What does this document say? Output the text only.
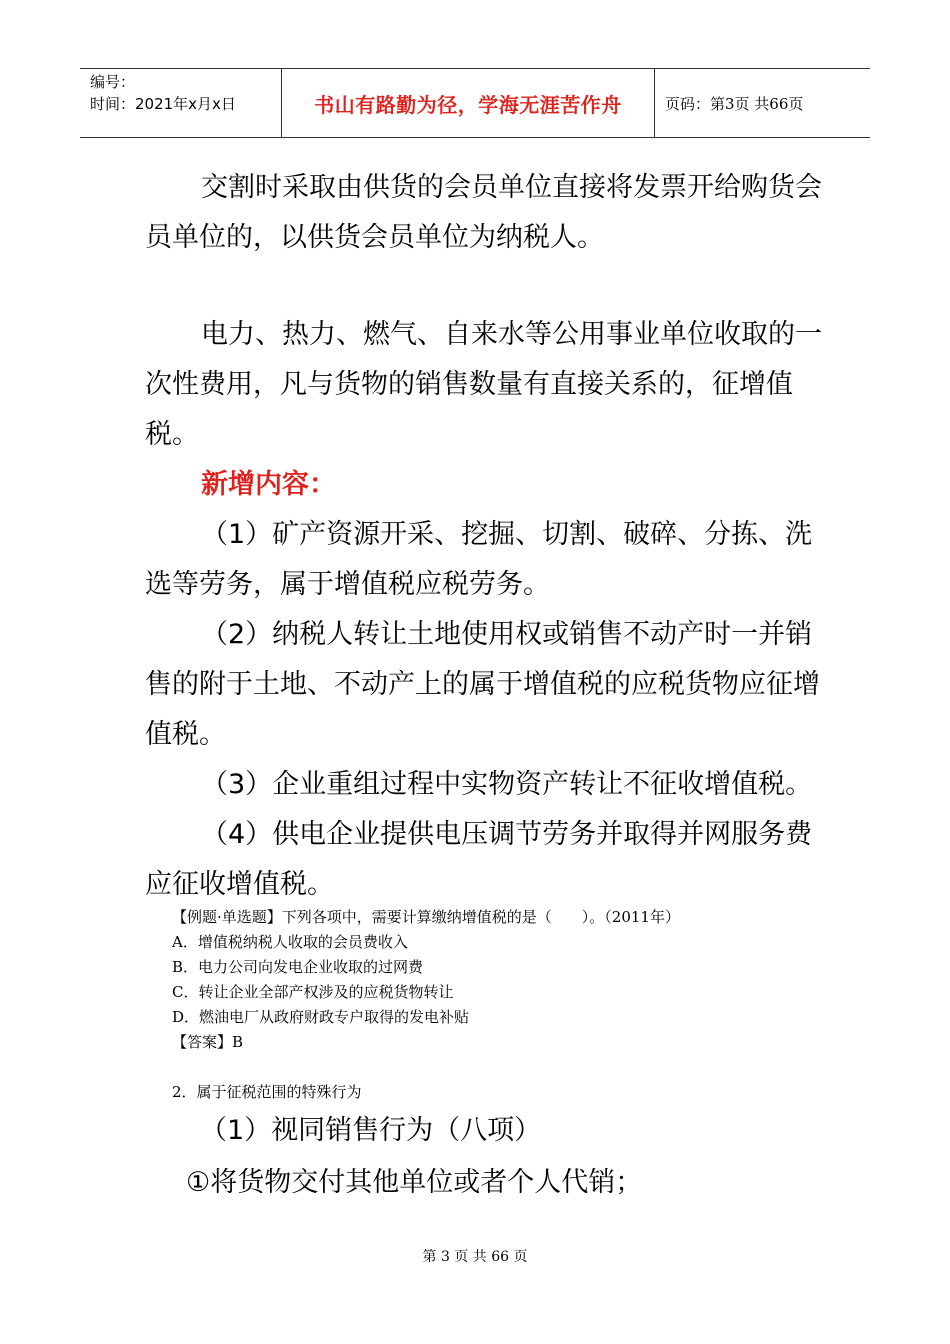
编号：
时间：2021年x月x日	书山有路勤为径，学海无涯苦作舟	页码：第3页 共66页

交割时采取由供货的会员单位直接将发票开给购货会员单位的，以供货会员单位为纳税人。

电力、热力、燃气、自来水等公用事业单位收取的一次性费用，凡与货物的销售数量有直接关系的，征增值税。

新增内容：

（1）矿产资源开采、挖掘、切割、破碎、分拣、洗选等劳务，属于增值税应税劳务。

（2）纳税人转让土地使用权或销售不动产时一并销售的附于土地、不动产上的属于增值税的应税货物应征增值税。

（3）企业重组过程中实物资产转让不征收增值税。

（4）供电企业提供电压调节劳务并取得并网服务费应征收增值税。

【例题·单选题】下列各项中，需要计算缴纳增值税的是（　　）。（2011年）

A．增值税纳税人收取的会员费收入

B．电力公司向发电企业收取的过网费

C．转让企业全部产权涉及的应税货物转让

D．燃油电厂从政府财政专户取得的发电补贴

【答案】B

2．属于征税范围的特殊行为

（1）视同销售行为（八项）

①将货物交付其他单位或者个人代销；

第 3 页 共 66 页
